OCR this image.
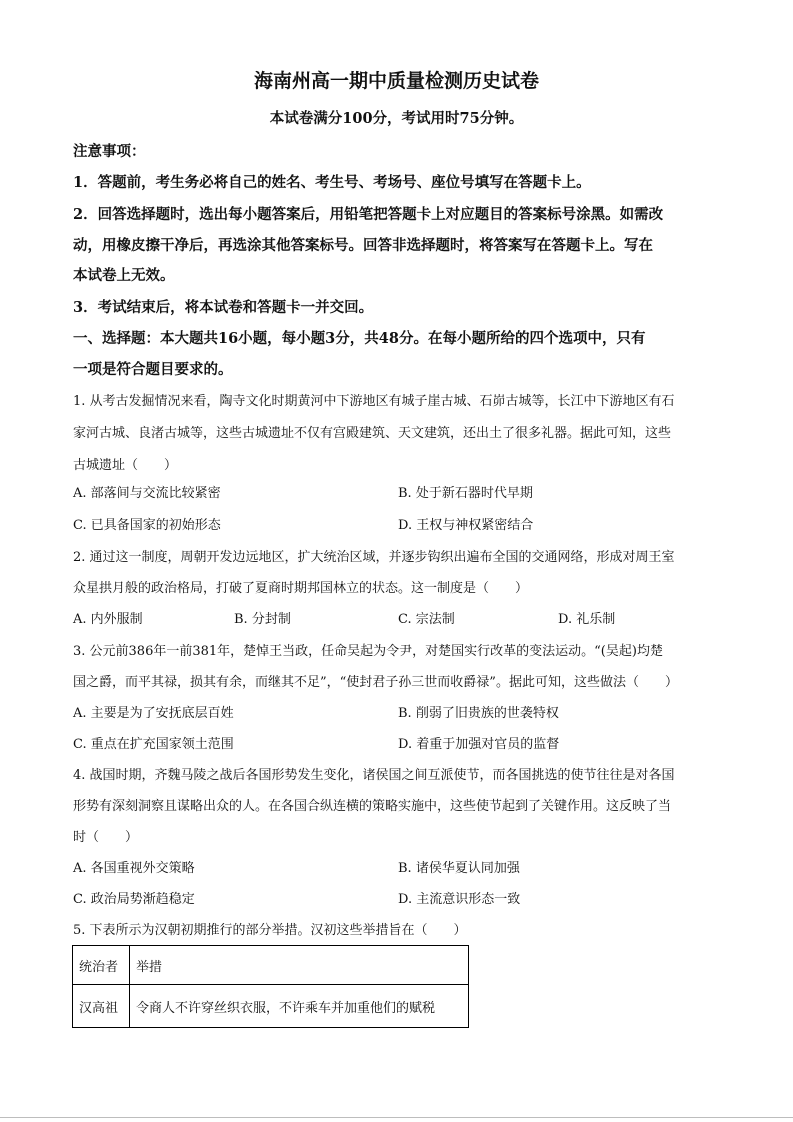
海南州高一期中质量检测历史试卷
本试卷满分100分，考试用时75分钟。
注意事项：
1．答题前，考生务必将自己的姓名、考生号、考场号、座位号填写在答题卡上。
2．回答选择题时，选出每小题答案后，用铅笔把答题卡上对应题目的答案标号涂黑。如需改
动，用橡皮擦干净后，再选涂其他答案标号。回答非选择题时，将答案写在答题卡上。写在
本试卷上无效。
3．考试结束后，将本试卷和答题卡一并交回。
一、选择题：本大题共16小题，每小题3分，共48分。在每小题所给的四个选项中，只有
一项是符合题目要求的。
1. 从考古发掘情况来看，陶寺文化时期黄河中下游地区有城子崖古城、石峁古城等，长江中下游地区有石
家河古城、良渚古城等，这些古城遗址不仅有宫殿建筑、天文建筑，还出土了很多礼器。据此可知，这些
古城遗址（　　）
A. 部落间与交流比较紧密	B. 处于新石器时代早期
C. 已具备国家的初始形态	D. 王权与神权紧密结合
2. 通过这一制度，周朝开发边远地区，扩大统治区域，并逐步钩织出遍布全国的交通网络，形成对周王室
众星拱月般的政治格局，打破了夏商时期邦国林立的状态。这一制度是（　　）
A. 内外服制	B. 分封制	C. 宗法制	D. 礼乐制
3. 公元前386年一前381年，楚悼王当政，任命吴起为令尹，对楚国实行改革的变法运动。“(吴起)均楚
国之爵，而平其禄，损其有余，而继其不足”，“使封君子孙三世而收爵禄”。据此可知，这些做法（　　）
A. 主要是为了安抚底层百姓	B. 削弱了旧贵族的世袭特权
C. 重点在扩充国家领土范围	D. 着重于加强对官员的监督
4. 战国时期，齐魏马陵之战后各国形势发生变化，诸侯国之间互派使节，而各国挑选的使节往往是对各国
形势有深刻洞察且谋略出众的人。在各国合纵连横的策略实施中，这些使节起到了关键作用。这反映了当
时（　　）
A. 各国重视外交策略	B. 诸侯华夏认同加强
C. 政治局势渐趋稳定	D. 主流意识形态一致
5. 下表所示为汉朝初期推行的部分举措。汉初这些举措旨在（　　）
统治者	举措
汉高祖	令商人不许穿丝织衣服，不许乘车并加重他们的赋税
